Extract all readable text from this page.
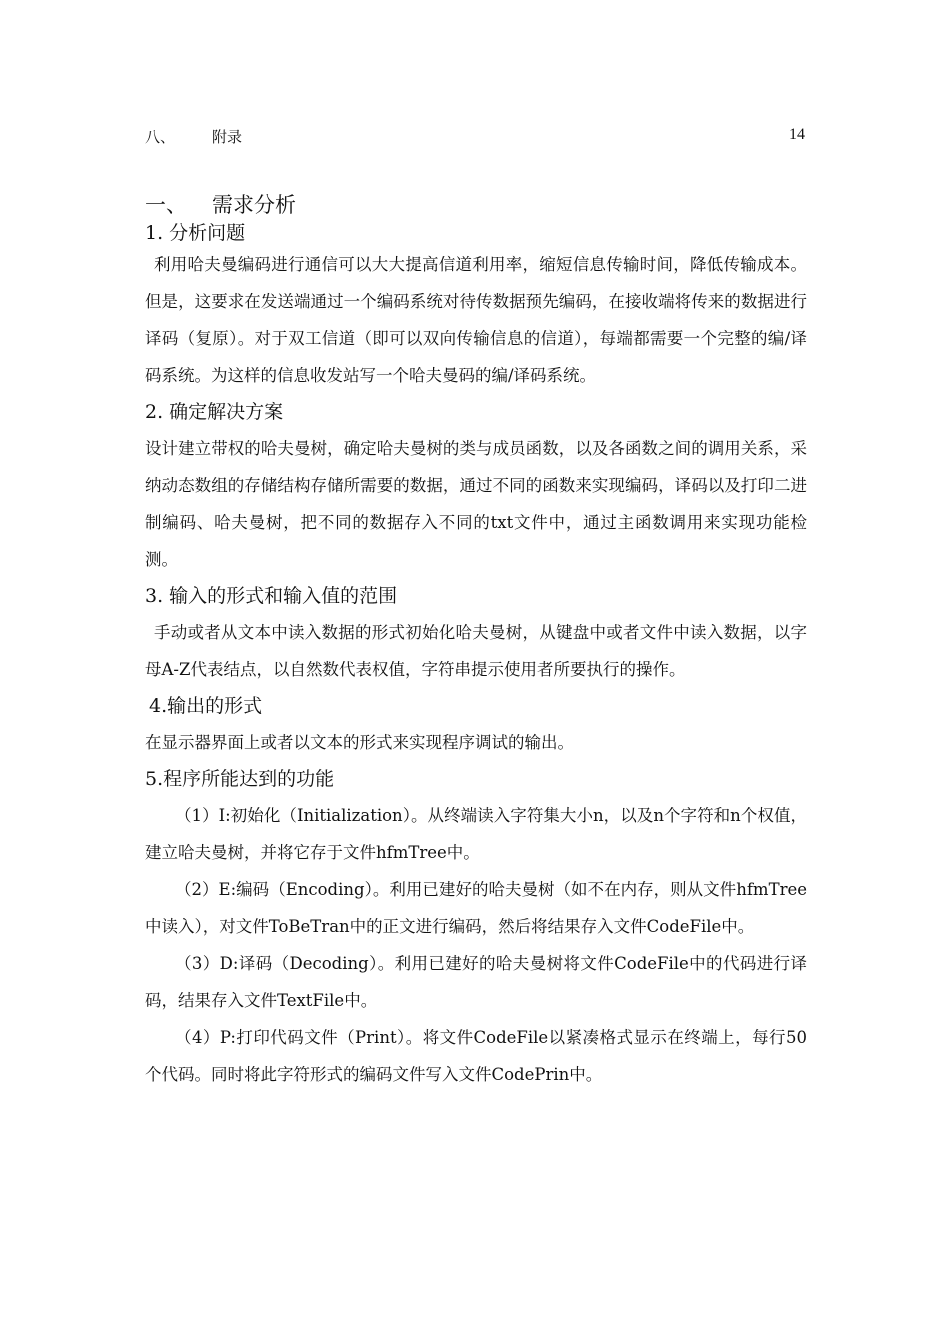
八、 附录	14
一、 需求分析
1. 分析问题

利用哈夫曼编码进行通信可以大大提高信道利用率，缩短信息传输时间，降低传输成本。但是，这要求在发送端通过一个编码系统对待传数据预先编码，在接收端将传来的数据进行译码（复原）。对于双工信道（即可以双向传输信息的信道），每端都需要一个完整的编/译码系统。为这样的信息收发站写一个哈夫曼码的编/译码系统。

2. 确定解决方案

设计建立带权的哈夫曼树，确定哈夫曼树的类与成员函数，以及各函数之间的调用关系，采纳动态数组的存储结构存储所需要的数据，通过不同的函数来实现编码，译码以及打印二进制编码、哈夫曼树，把不同的数据存入不同的txt文件中，通过主函数调用来实现功能检测。

3. 输入的形式和输入值的范围

手动或者从文本中读入数据的形式初始化哈夫曼树，从键盘中或者文件中读入数据，以字母A-Z代表结点，以自然数代表权值，字符串提示使用者所要执行的操作。

4.输出的形式

在显示器界面上或者以文本的形式来实现程序调试的输出。

5.程序所能达到的功能

（1）I:初始化（Initialization）。从终端读入字符集大小n，以及n个字符和n个权值，建立哈夫曼树，并将它存于文件hfmTree中。

（2）E:编码（Encoding）。利用已建好的哈夫曼树（如不在内存，则从文件hfmTree中读入），对文件ToBeTran中的正文进行编码，然后将结果存入文件CodeFile中。

（3）D:译码（Decoding）。利用已建好的哈夫曼树将文件CodeFile中的代码进行译码，结果存入文件TextFile中。

（4）P:打印代码文件（Print）。将文件CodeFile以紧凑格式显示在终端上，每行50个代码。同时将此字符形式的编码文件写入文件CodePrin中。
